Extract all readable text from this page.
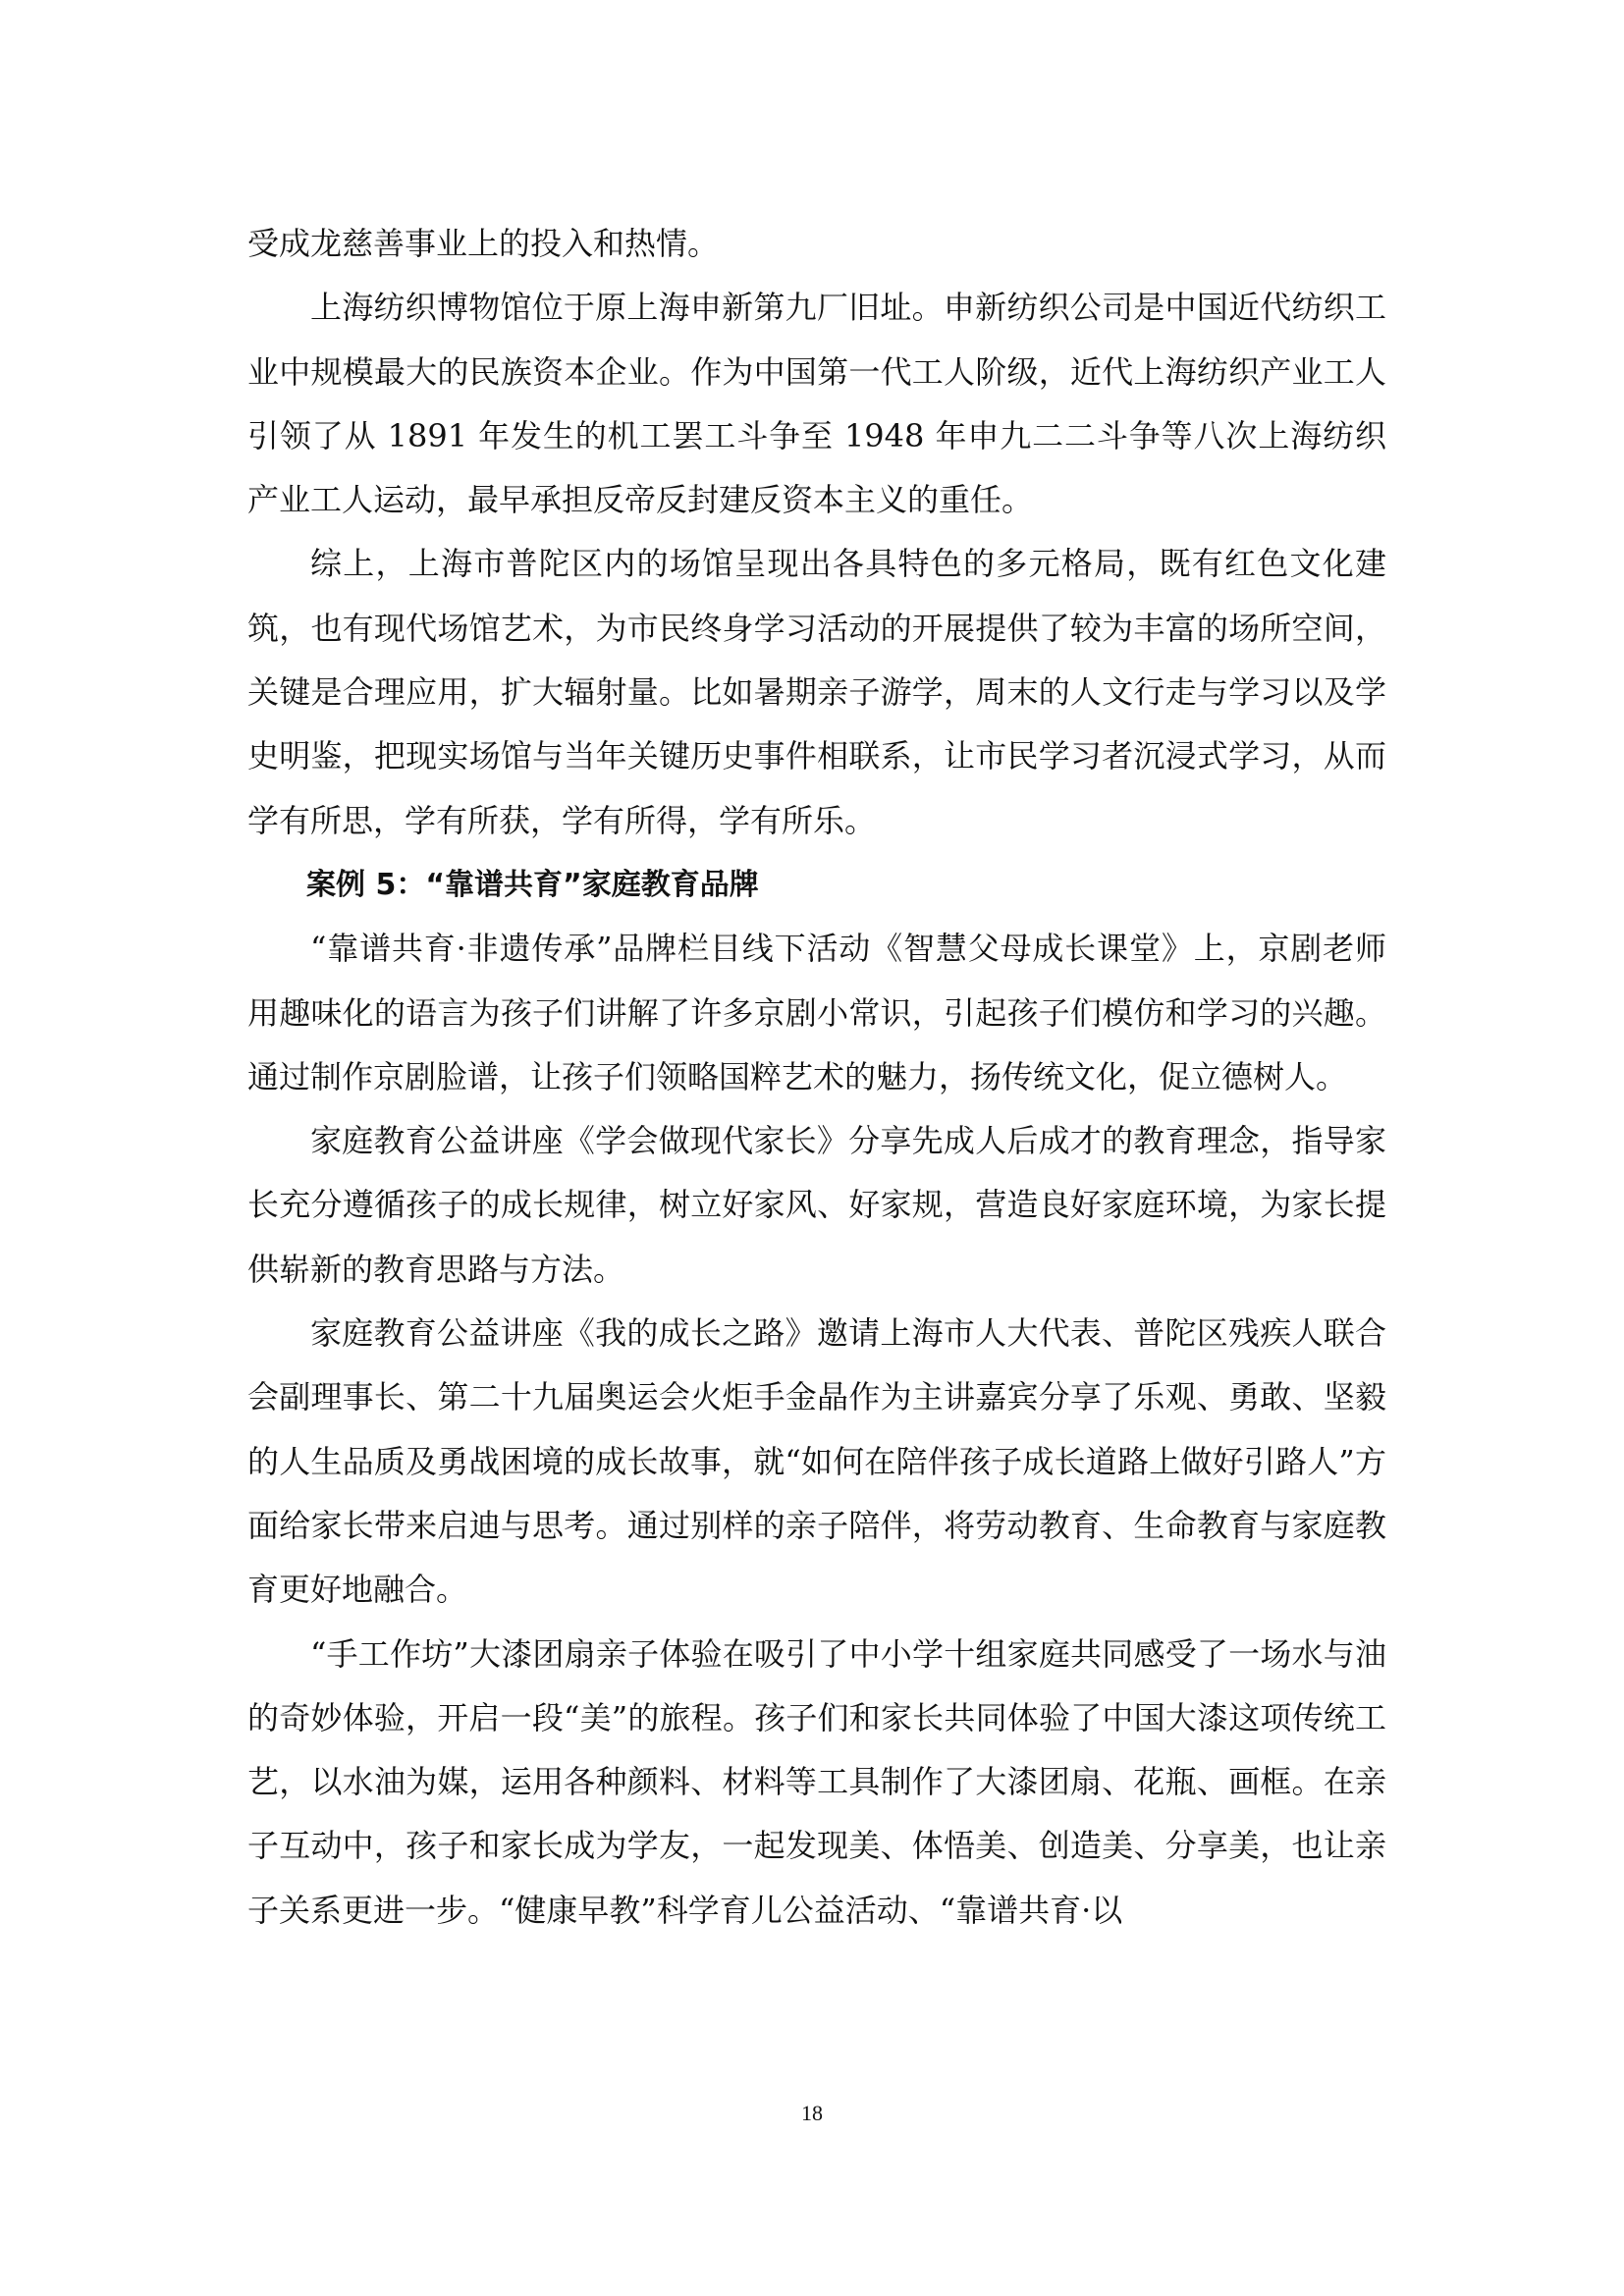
受成龙慈善事业上的投入和热情。

上海纺织博物馆位于原上海申新第九厂旧址。申新纺织公司是中国近代纺织工业中规模最大的民族资本企业。作为中国第一代工人阶级，近代上海纺织产业工人引领了从 1891 年发生的机工罢工斗争至 1948 年申九二二斗争等八次上海纺织产业工人运动，最早承担反帝反封建反资本主义的重任。

综上，上海市普陀区内的场馆呈现出各具特色的多元格局，既有红色文化建筑，也有现代场馆艺术，为市民终身学习活动的开展提供了较为丰富的场所空间，关键是合理应用，扩大辐射量。比如暑期亲子游学，周末的人文行走与学习以及学史明鉴，把现实场馆与当年关键历史事件相联系，让市民学习者沉浸式学习，从而学有所思，学有所获，学有所得，学有所乐。

案例 5：“靠谱共育”家庭教育品牌

“靠谱共育·非遗传承”品牌栏目线下活动《智慧父母成长课堂》上，京剧老师用趣味化的语言为孩子们讲解了许多京剧小常识，引起孩子们模仿和学习的兴趣。通过制作京剧脸谱，让孩子们领略国粹艺术的魅力，扬传统文化，促立德树人。

家庭教育公益讲座《学会做现代家长》分享先成人后成才的教育理念，指导家长充分遵循孩子的成长规律，树立好家风、好家规，营造良好家庭环境，为家长提供崭新的教育思路与方法。

家庭教育公益讲座《我的成长之路》邀请上海市人大代表、普陀区残疾人联合会副理事长、第二十九届奥运会火炬手金晶作为主讲嘉宾分享了乐观、勇敢、坚毅的人生品质及勇战困境的成长故事，就“如何在陪伴孩子成长道路上做好引路人”方面给家长带来启迪与思考。通过别样的亲子陪伴，将劳动教育、生命教育与家庭教育更好地融合。

“手工作坊”大漆团扇亲子体验在吸引了中小学十组家庭共同感受了一场水与油的奇妙体验，开启一段“美”的旅程。孩子们和家长共同体验了中国大漆这项传统工艺，以水油为媒，运用各种颜料、材料等工具制作了大漆团扇、花瓶、画框。在亲子互动中，孩子和家长成为学友，一起发现美、体悟美、创造美、分享美，也让亲子关系更进一步。“健康早教”科学育儿公益活动、“靠谱共育·以

18
